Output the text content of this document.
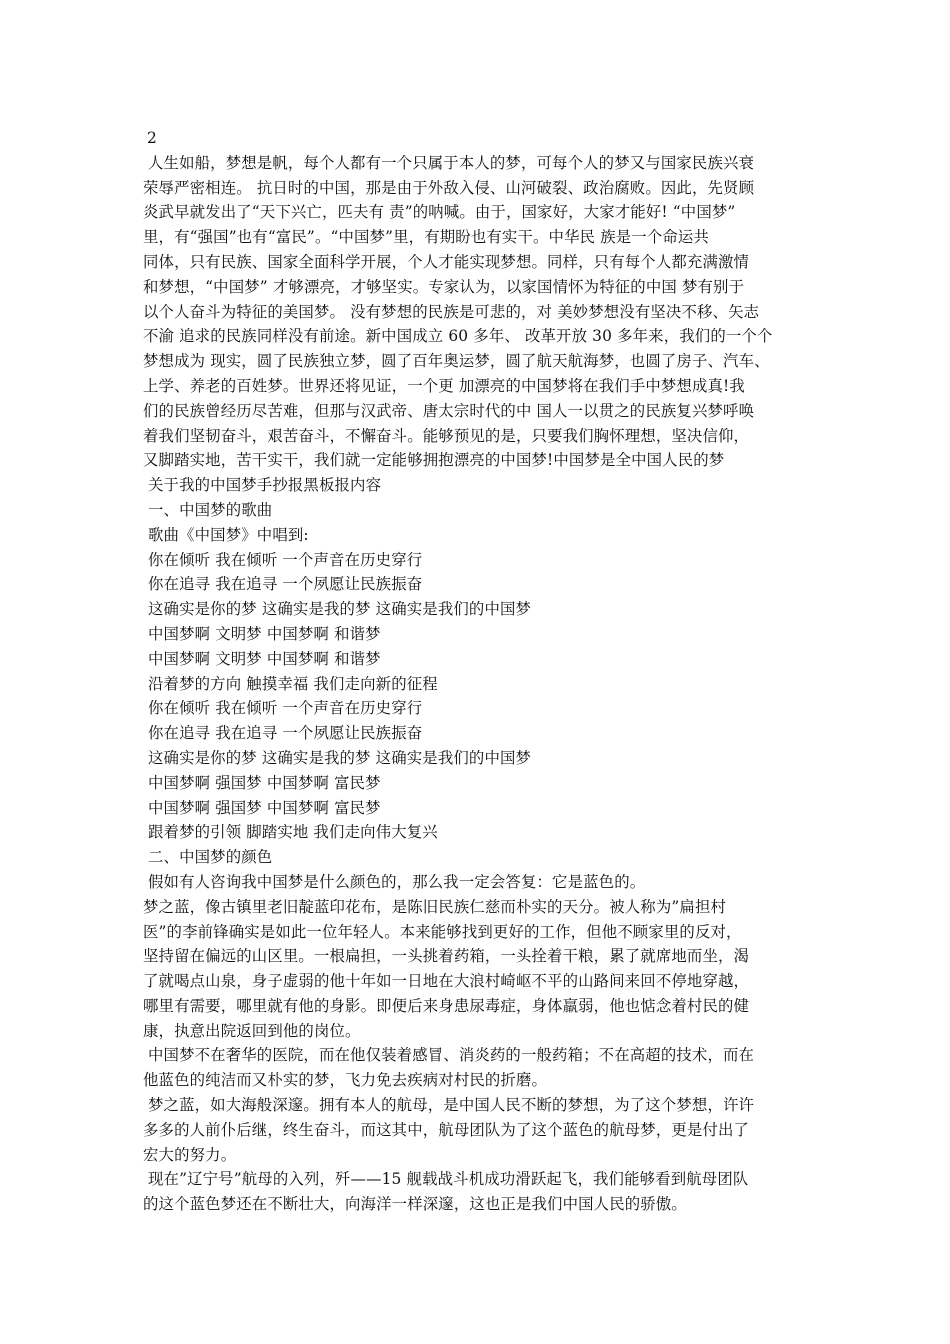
2
人生如船，梦想是帆，每个人都有一个只属于本人的梦，可每个人的梦又与国家民族兴衰
荣辱严密相连。 抗日时的中国，那是由于外敌入侵、山河破裂、政治腐败。因此，先贤顾
炎武早就发出了“天下兴亡，匹夫有 责”的呐喊。由于，国家好，大家才能好! “中国梦”
里，有“强国”也有“富民”。“中国梦”里，有期盼也有实干。中华民 族是一个命运共
同体，只有民族、国家全面科学开展，个人才能实现梦想。同样，只有每个人都充满激情
和梦想，“中国梦” 才够漂亮，才够坚实。专家认为，以家国情怀为特征的中国 梦有别于
以个人奋斗为特征的美国梦。 没有梦想的民族是可悲的，对 美妙梦想没有坚决不移、矢志
不渝 追求的民族同样没有前途。新中国成立 60 多年、 改革开放 30 多年来，我们的一个个
梦想成为 现实，圆了民族独立梦，圆了百年奥运梦，圆了航天航海梦，也圆了房子、汽车、
上学、养老的百姓梦。世界还将见证，一个更 加漂亮的中国梦将在我们手中梦想成真!我
们的民族曾经历尽苦难，但那与汉武帝、唐太宗时代的中 国人一以贯之的民族复兴梦呼唤
着我们坚韧奋斗，艰苦奋斗，不懈奋斗。能够预见的是，只要我们胸怀理想，坚决信仰，
又脚踏实地，苦干实干，我们就一定能够拥抱漂亮的中国梦!中国梦是全中国人民的梦
关于我的中国梦手抄报黑板报内容
一、中国梦的歌曲
歌曲《中国梦》中唱到:
你在倾听 我在倾听 一个声音在历史穿行
你在追寻 我在追寻 一个夙愿让民族振奋
这确实是你的梦 这确实是我的梦 这确实是我们的中国梦
中国梦啊 文明梦 中国梦啊 和谐梦
中国梦啊 文明梦 中国梦啊 和谐梦
沿着梦的方向 触摸幸福 我们走向新的征程
你在倾听 我在倾听 一个声音在历史穿行
你在追寻 我在追寻 一个夙愿让民族振奋
这确实是你的梦 这确实是我的梦 这确实是我们的中国梦
中国梦啊 强国梦 中国梦啊 富民梦
中国梦啊 强国梦 中国梦啊 富民梦
跟着梦的引领 脚踏实地 我们走向伟大复兴
二、中国梦的颜色
假如有人咨询我中国梦是什么颜色的，那么我一定会答复：它是蓝色的。
梦之蓝，像古镇里老旧靛蓝印花布，是陈旧民族仁慈而朴实的天分。被人称为”扁担村
医”的李前锋确实是如此一位年轻人。本来能够找到更好的工作，但他不顾家里的反对，
坚持留在偏远的山区里。一根扁担，一头挑着药箱，一头拴着干粮，累了就席地而坐，渴
了就喝点山泉，身子虚弱的他十年如一日地在大浪村崎岖不平的山路间来回不停地穿越，
哪里有需要，哪里就有他的身影。即便后来身患尿毒症，身体羸弱，他也惦念着村民的健
康，执意出院返回到他的岗位。
中国梦不在奢华的医院，而在他仅装着感冒、消炎药的一般药箱；不在高超的技术，而在
他蓝色的纯洁而又朴实的梦，飞力免去疾病对村民的折磨。
梦之蓝，如大海般深邃。拥有本人的航母，是中国人民不断的梦想，为了这个梦想，许许
多多的人前仆后继，终生奋斗，而这其中，航母团队为了这个蓝色的航母梦，更是付出了
宏大的努力。
现在”辽宁号”航母的入列，歼——15 舰载战斗机成功滑跃起飞，我们能够看到航母团队
的这个蓝色梦还在不断壮大，向海洋一样深邃，这也正是我们中国人民的骄傲。
